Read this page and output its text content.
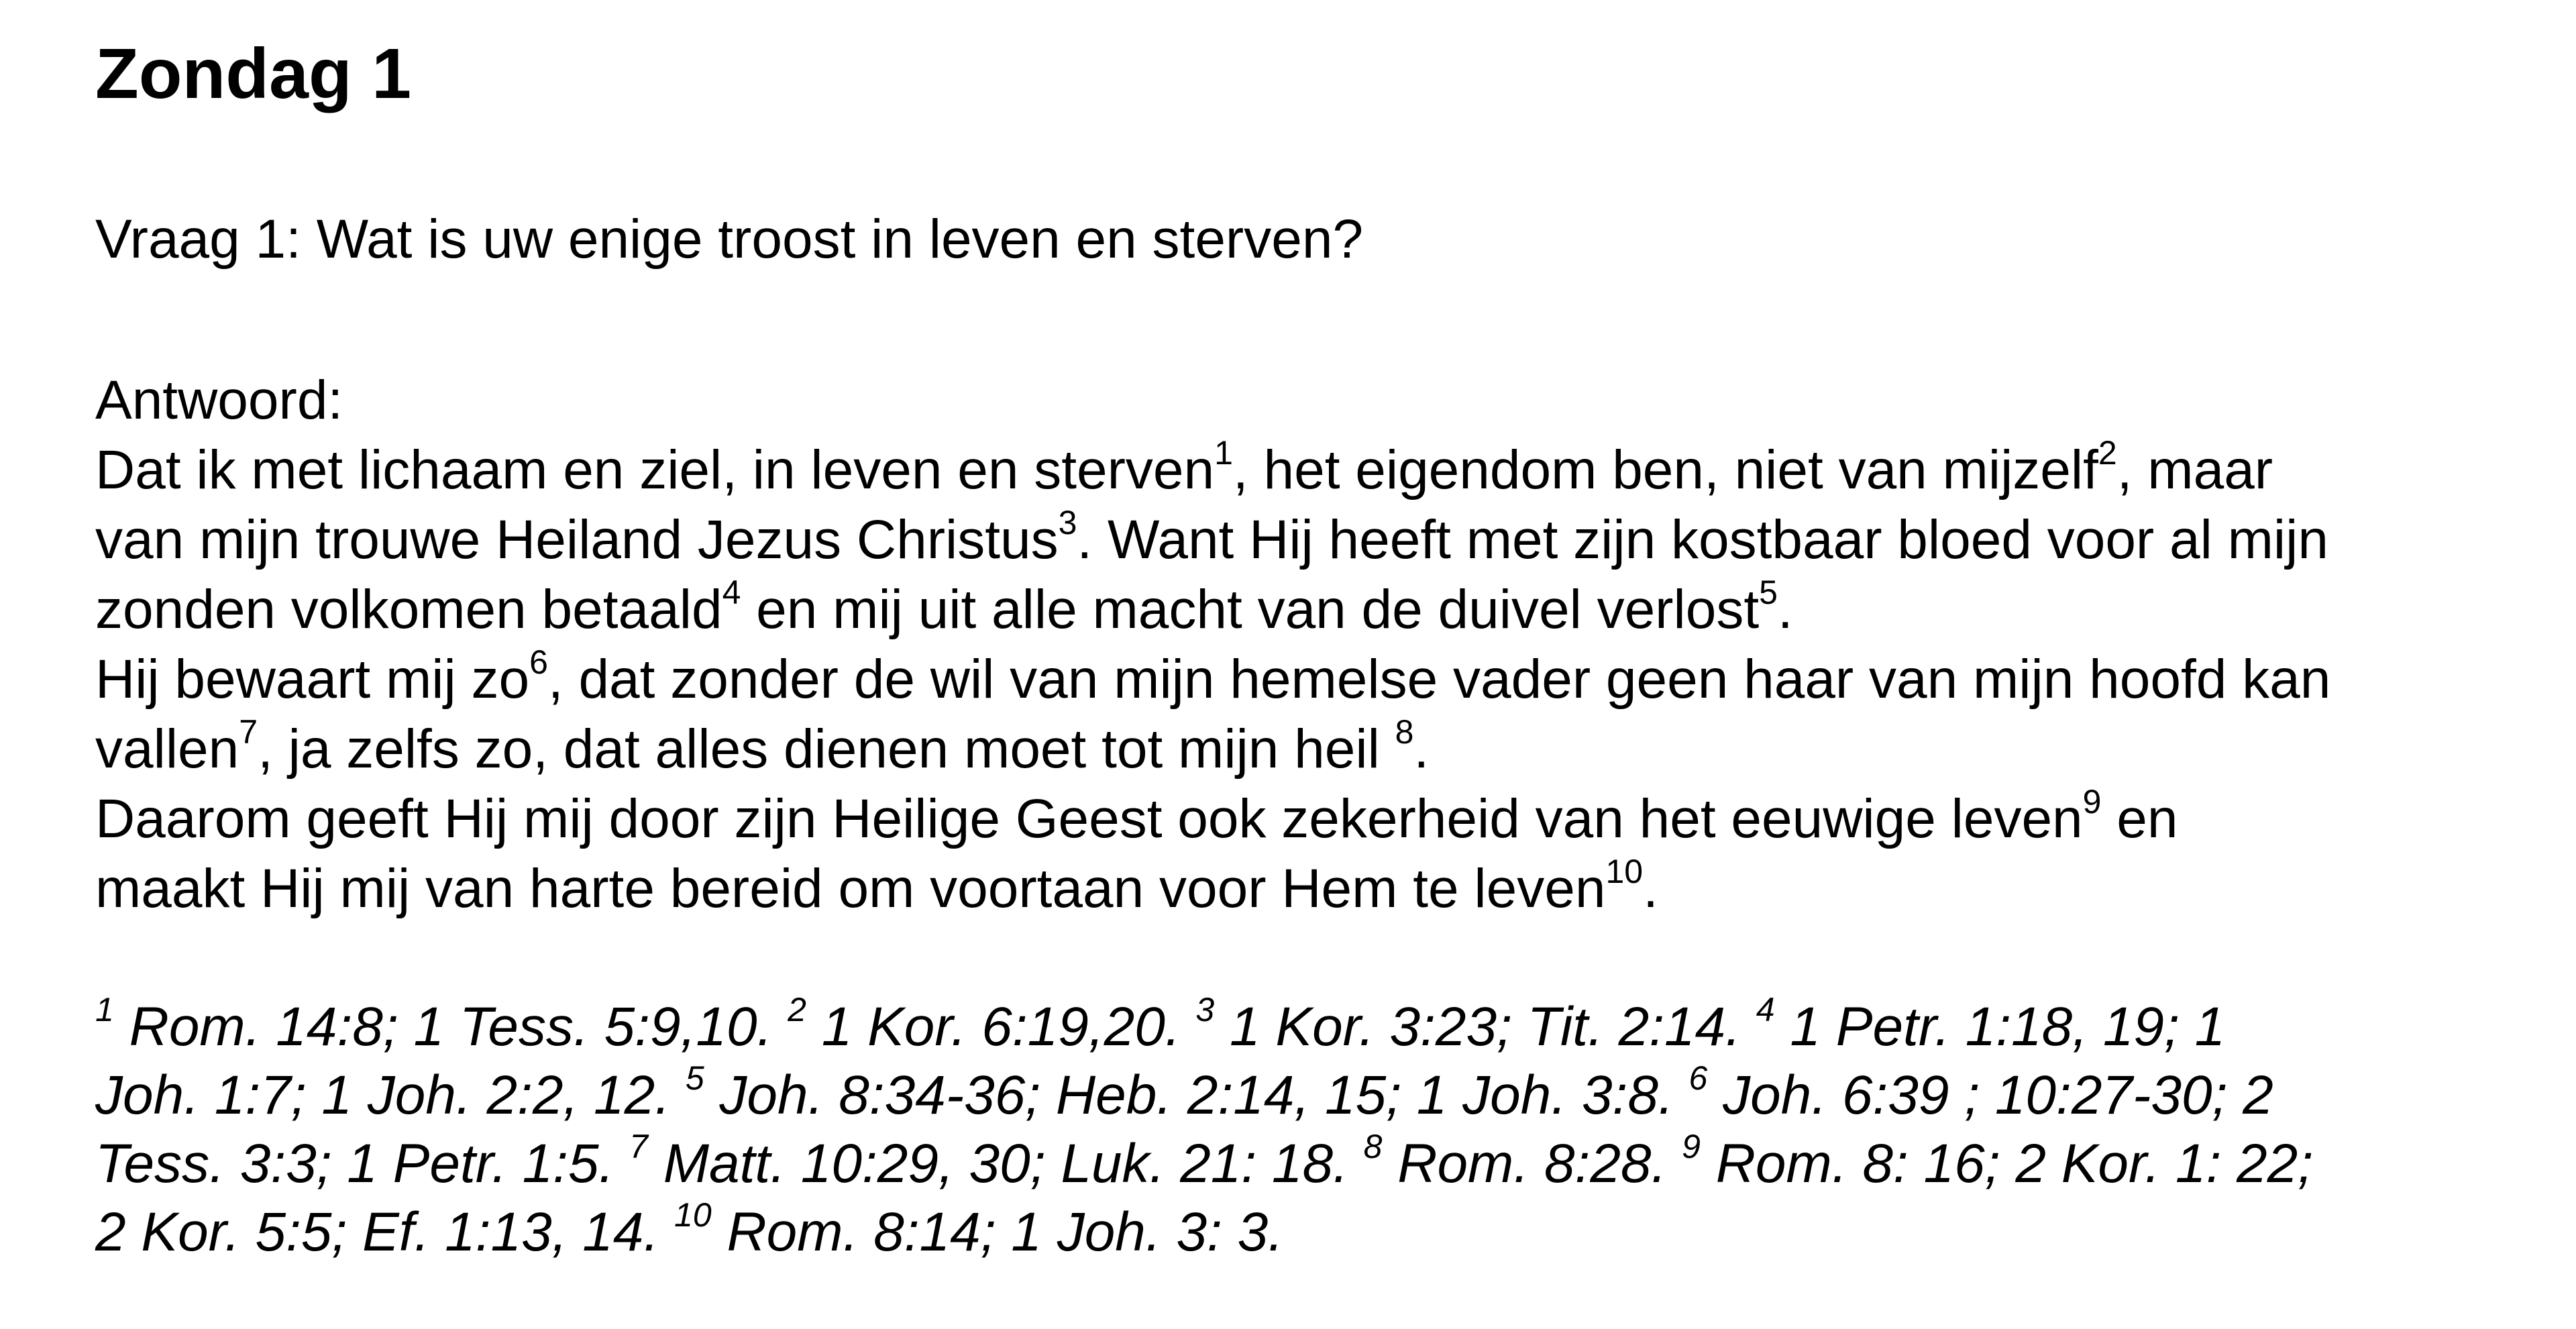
Zondag 1

Vraag 1: Wat is uw enige troost in leven en sterven?

Antwoord:

Dat ik met lichaam en ziel, in leven en sterven$^1$, het eigendom ben, niet van mijzelf$^2$, maar
van mijn trouwe Heiland Jezus Christus$^3$. Want Hij heeft met zijn kostbaar bloed voor al mijn
zonden volkomen betaald$^4$ en mij uit alle macht van de duivel verlost$^5$.

Hij bewaart mij $zo^6$, dat zonder de wil van mijn hemelse vader geen haar van mijn hoofd kan
vallen$^7$, ja zelfs zo, dat alles dienen moet tot mijn heil $^8$.

Daarom geeft Hij mij door zijn Heilige Geest ook zekerheid van het eeuwige leven$^9$ en
maakt Hij mij van harte bereid om voortaan voor Hem te leven$^{10}$.

$^1$ Rom. 14:8; 1 Tess. 5:9,10. $^2$ 1 Kor. 6:19,20. $^3$ 1 Kor. 3:23; Tit. 2:14. $^4$ 1 Petr. 1:18, 19; 1
Joh. 1:7; 1 Joh. 2:2, 12. $^5$ Joh. 8:34-36; Heb. 2:14, 15; 1 Joh. 3:8. $^6$ Joh. 6:39 ; 10:27-30; 2
Tess. 3:3; 1 Petr. 1:5. $^7$ Matt. 10:29, 30; Luk. 21: 18. $^8$ Rom. 8:28. $^9$ Rom. 8: 16; 2 Kor. 1: 22;
2 Kor. 5:5; Ef. 1:13, 14. $^{10}$ Rom. 8:14; 1 Joh. 3: 3.
